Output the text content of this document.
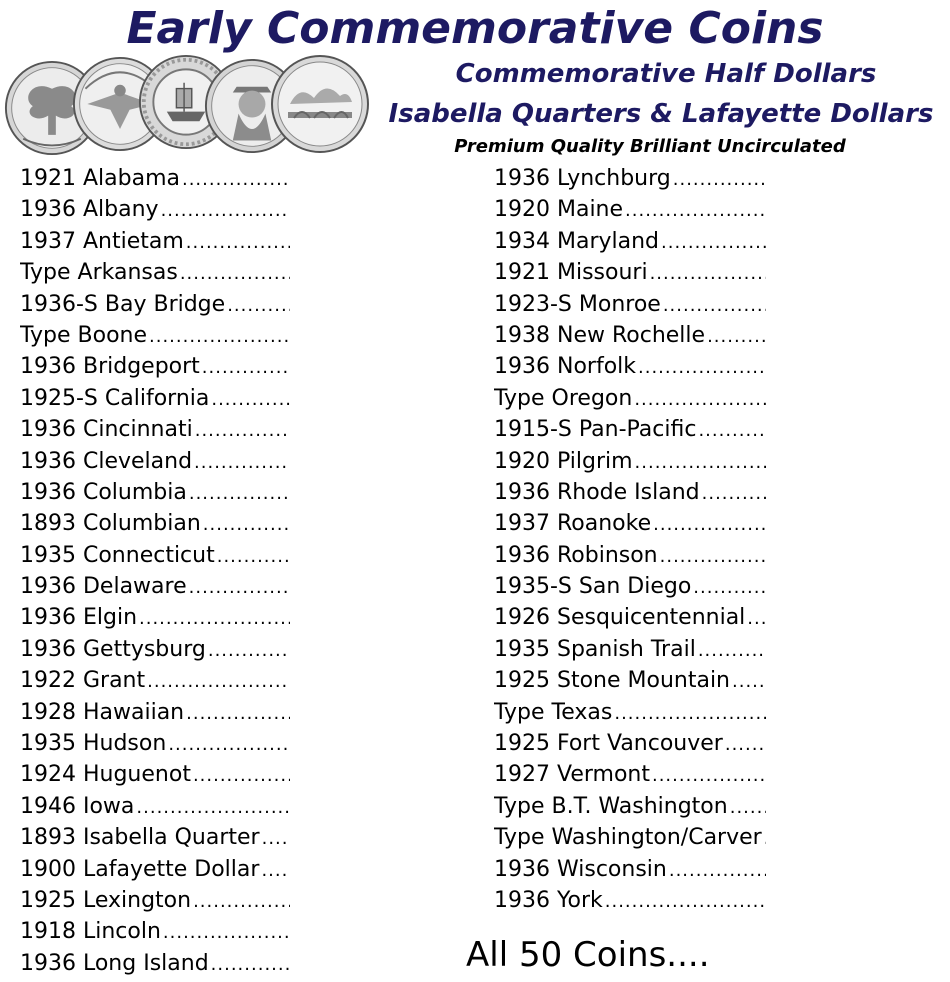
Early Commemorative Coins
Commemorative Half Dollars
Isabella Quarters & Lafayette Dollars
Premium Quality Brilliant Uncirculated
1921 Alabama
.....
1936 Albany
.....
1937 Antietam
.....
Type Arkansas
.....
1936-S Bay Bridge
.....
Type Boone
.....
1936 Bridgeport
.....
1925-S California
.....
1936 Cincinnati
.....
1936 Cleveland
.....
1936 Columbia
.....
1893 Columbian
.....
1935 Connecticut
.....
1936 Delaware
.....
1936 Elgin
.....
1936 Gettysburg
.....
1922 Grant
.....
1928 Hawaiian
.....
1935 Hudson
.....
1924 Huguenot
.....
1946 Iowa
.....
1893 Isabella Quarter
.....
1900 Lafayette Dollar
.....
1925 Lexington
.....
1918 Lincoln
.....
1936 Long Island
.....
1936 Lynchburg
.....
1920 Maine
.....
1934 Maryland
.....
1921 Missouri
.....
1923-S Monroe
.....
1938 New Rochelle
.....
1936 Norfolk
.....
Type Oregon
.....
1915-S Pan-Pacific
.....
1920 Pilgrim
.....
1936 Rhode Island
.....
1937 Roanoke
.....
1936 Robinson
.....
1935-S San Diego
.....
1926 Sesquicentennial
.....
1935 Spanish Trail
.....
1925 Stone Mountain
.....
Type Texas
.....
1925 Fort Vancouver
.....
1927 Vermont
.....
Type B.T. Washington
.....
Type Washington/Carver
.....
1936 Wisconsin
.....
1936 York
.....
All 50 Coins....
